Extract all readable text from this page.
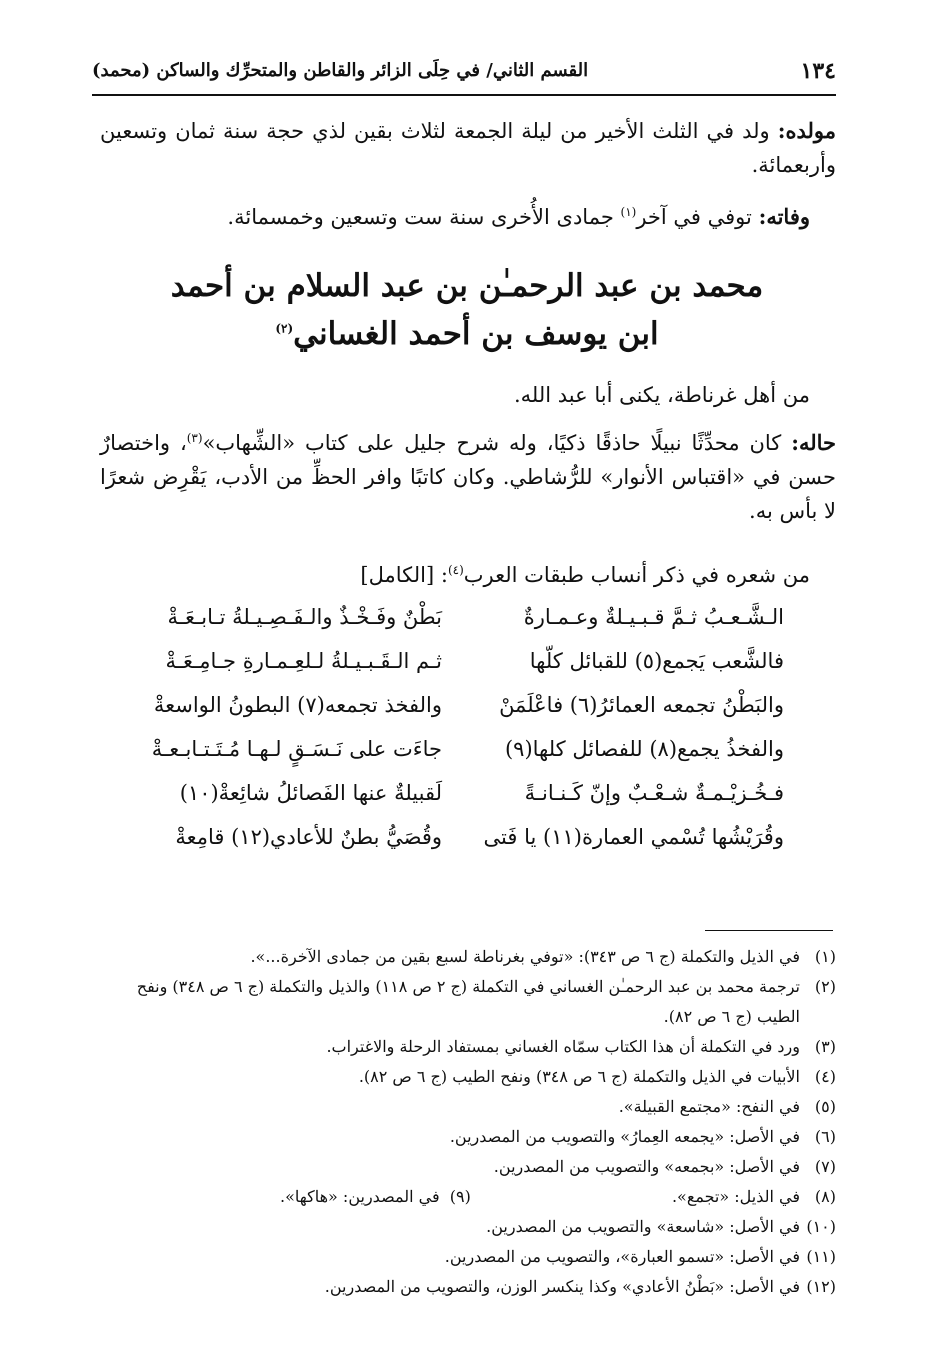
١٣٤
القسم الثاني/ في حِلَى الزائر والقاطن والمتحرِّك والساكن (محمد)
مولده: ولد في الثلث الأخير من ليلة الجمعة لثلاث بقين لذي حجة سنة ثمان وتسعين وأربعمائة.
وفاته: توفي في آخر$^{(١)}$ جمادى الأُخرى سنة ست وتسعين وخمسمائة.
محمد بن عبد الرحمـٰن بن عبد السلام بن أحمد
ابن يوسف بن أحمد الغساني$^{(٢)}$
من أهل غرناطة، يكنى أبا عبد الله.
حاله: كان محدِّثًا نبيلًا حاذقًا ذكيًا، وله شرح جليل على كتاب «الشِّهاب»$^{(٣)}$، واختصارٌ حسن في «اقتباس الأنوار» للرُّشاطي. وكان كاتبًا وافر الحظِّ من الأدب، يَقْرِض شعرًا لا بأس به.
من شعره في ذكر أنساب طبقات العرب$^{(٤)}$: [الكامل]
الـشَّـعـبُ ثـمَّ قـبـيـلةٌ وعـمـارةٌ
بَطْنٌ وفَـخْـذٌ والـفَـصِـيـلةُ تـابـعَـةْ
فالشَّعب يَجمع(٥) للقبائل كلّها
ثـم الـقَـبـيـلةُ لـلعِـمـارةِ جـامِـعَـةْ
والبَطْنُ تجمعه العمائرُ(٦) فاعْلَمَنْ
والفخذ تجمعه(٧) البطونُ الواسعةْ
والفخذُ يجمع(٨) للفصائل كلها(٩)
جاءَت على نَـسَـقٍ لـهـا مُـتَـتـابـعـةْ
فـخُـزيْـمـةٌ شـعْـبٌ وإنّ كَـنـانـةً
لَقبيلةٌ عنها الفَصائلُ شائِعةْ(١٠)
وقُرَيْشُها تُسْمي العمارة(١١) يا فَتى
وقُصَيُّ بطنٌ للأعادي(١٢) قامِعةْ
(١)
في الذيل والتكملة (ج ٦ ص ٣٤٣): «توفي بغرناطة لسبع بقين من جمادى الآخرة...».
(٢)
ترجمة محمد بن عبد الرحمـٰن الغساني في التكملة (ج ٢ ص ١١٨) والذيل والتكملة (ج ٦ ص ٣٤٨) ونفح الطيب (ج ٦ ص ٨٢).
(٣)
ورد في التكملة أن هذا الكتاب سمّاه الغساني بمستفاد الرحلة والاغتراب.
(٤)
الأبيات في الذيل والتكملة (ج ٦ ص ٣٤٨) ونفح الطيب (ج ٦ ص ٨٢).
(٥)
في النفح: «مجتمع القبيلة».
(٦)
في الأصل: «يجمعه العِمارُ» والتصويب من المصدرين.
(٧)
في الأصل: «بجمعه» والتصويب من المصدرين.
(٨)
في الذيل: «تجمع».
(٩)  في المصدرين: «هاكها».
(١٠)
في الأصل: «شاسعة» والتصويب من المصدرين.
(١١)
في الأصل: «تسمو العبارة»، والتصويب من المصدرين.
(١٢)
في الأصل: «بَطْنُ الأعادي» وكذا ينكسر الوزن، والتصويب من المصدرين.
